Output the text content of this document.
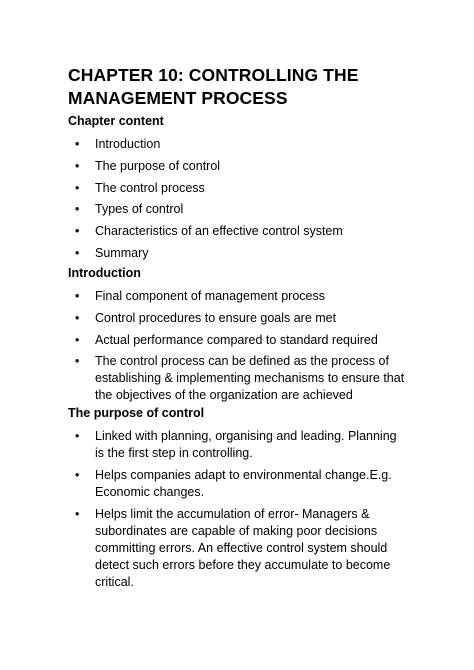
CHAPTER 10: CONTROLLING THE MANAGEMENT PROCESS
Chapter content
• Introduction
• The purpose of control
• The control process
• Types of control
• Characteristics of an effective control system
• Summary
Introduction
• Final component of management process
• Control procedures to ensure goals are met
• Actual performance compared to standard required
• The control process can be defined as the process of establishing & implementing mechanisms to ensure that the objectives of the organization are achieved
The purpose of control
• Linked with planning, organising and leading. Planning is the first step in controlling.
• Helps companies adapt to environmental change.E.g. Economic changes.
• Helps limit the accumulation of error- Managers & subordinates are capable of making poor decisions committing errors. An effective control system should detect such errors before they accumulate to become critical.
